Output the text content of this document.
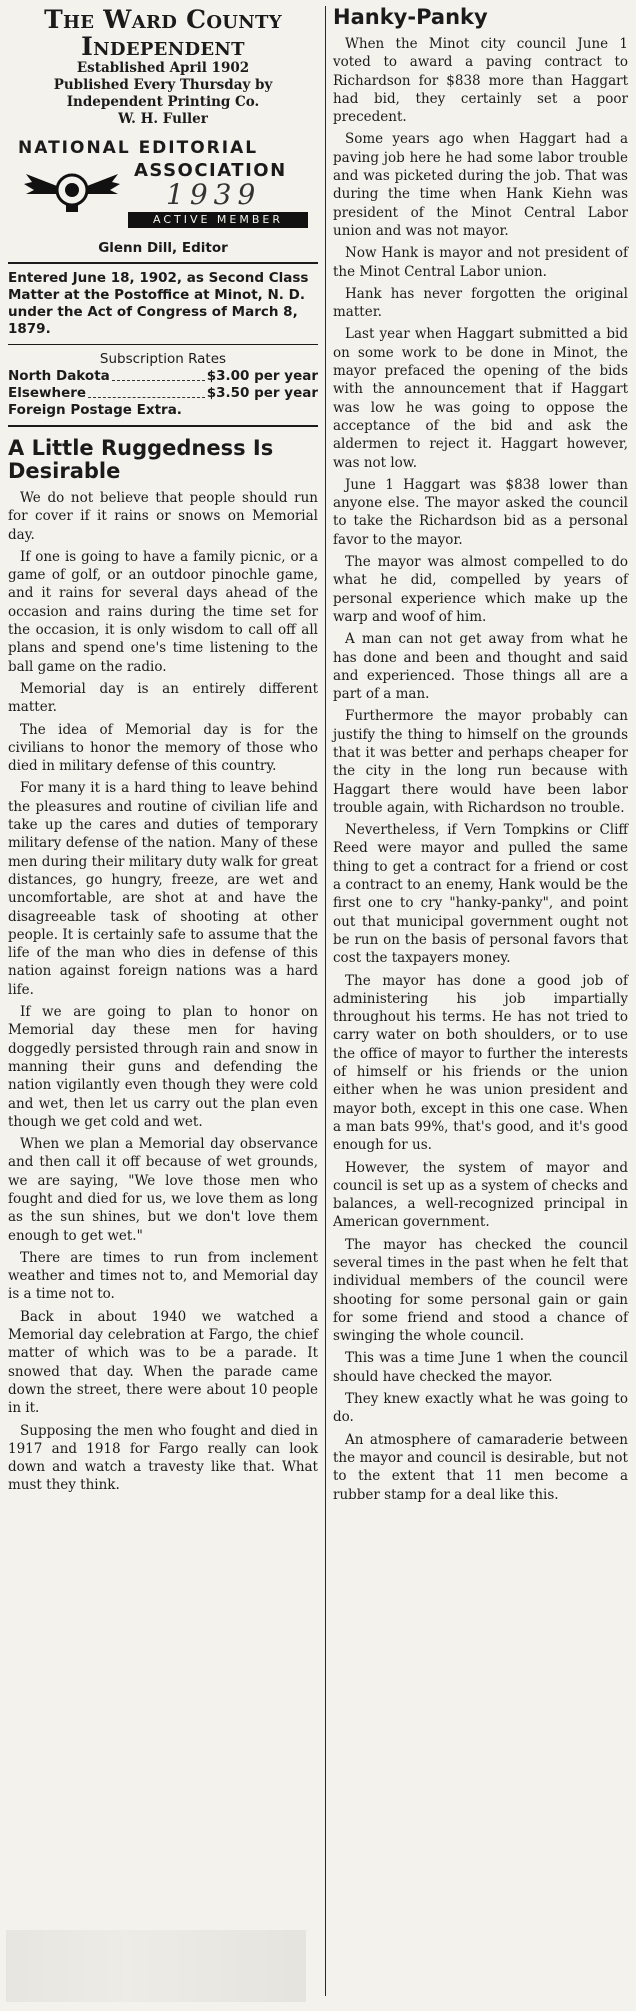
The Ward County
Independent
Established April 1902
Published Every Thursday by
Independent Printing Co.
W. H. Fuller
NATIONAL EDITORIAL
ASSOCIATION
1939
ACTIVE MEMBER
Glenn Dill, Editor
Entered June 18, 1902, as Second Class Matter at the Postoffice at Minot, N. D. under the Act of Congress of March 8, 1879.
Subscription Rates
North Dakota	$3.00 per year
Elsewhere	$3.50 per year
Foreign Postage Extra.
A Little Ruggedness Is Desirable

We do not believe that people should run for cover if it rains or snows on Memorial day.

If one is going to have a family picnic, or a game of golf, or an outdoor pinochle game, and it rains for several days ahead of the occasion and rains during the time set for the occasion, it is only wisdom to call off all plans and spend one's time listening to the ball game on the radio.

Memorial day is an entirely different matter.

The idea of Memorial day is for the civilians to honor the memory of those who died in military defense of this country.

For many it is a hard thing to leave behind the pleasures and routine of civilian life and take up the cares and duties of temporary military defense of the nation. Many of these men during their military duty walk for great distances, go hungry, freeze, are wet and uncomfortable, are shot at and have the disagreeable task of shooting at other people. It is certainly safe to assume that the life of the man who dies in defense of this nation against foreign nations was a hard life.

If we are going to plan to honor on Memorial day these men for having doggedly persisted through rain and snow in manning their guns and defending the nation vigilantly even though they were cold and wet, then let us carry out the plan even though we get cold and wet.

When we plan a Memorial day observance and then call it off because of wet grounds, we are saying, "We love those men who fought and died for us, we love them as long as the sun shines, but we don't love them enough to get wet."

There are times to run from inclement weather and times not to, and Memorial day is a time not to.

Back in about 1940 we watched a Memorial day celebration at Fargo, the chief matter of which was to be a parade. It snowed that day. When the parade came down the street, there were about 10 people in it.

Supposing the men who fought and died in 1917 and 1918 for Fargo really can look down and watch a travesty like that. What must they think.

Hanky-Panky

When the Minot city council June 1 voted to award a paving contract to Richardson for $838 more than Haggart had bid, they certainly set a poor precedent.

Some years ago when Haggart had a paving job here he had some labor trouble and was picketed during the job. That was during the time when Hank Kiehn was president of the Minot Central Labor union and was not mayor.

Now Hank is mayor and not president of the Minot Central Labor union.

Hank has never forgotten the original matter.

Last year when Haggart submitted a bid on some work to be done in Minot, the mayor prefaced the opening of the bids with the announcement that if Haggart was low he was going to oppose the acceptance of the bid and ask the aldermen to reject it. Haggart however, was not low.

June 1 Haggart was $838 lower than anyone else. The mayor asked the council to take the Richardson bid as a personal favor to the mayor.

The mayor was almost compelled to do what he did, compelled by years of personal experience which make up the warp and woof of him.

A man can not get away from what he has done and been and thought and said and experienced. Those things all are a part of a man.

Furthermore the mayor probably can justify the thing to himself on the grounds that it was better and perhaps cheaper for the city in the long run because with Haggart there would have been labor trouble again, with Richardson no trouble.

Nevertheless, if Vern Tompkins or Cliff Reed were mayor and pulled the same thing to get a contract for a friend or cost a contract to an enemy, Hank would be the first one to cry "hanky-panky", and point out that municipal government ought not be run on the basis of personal favors that cost the taxpayers money.

The mayor has done a good job of administering his job impartially throughout his terms. He has not tried to carry water on both shoulders, or to use the office of mayor to further the interests of himself or his friends or the union either when he was union president and mayor both, except in this one case. When a man bats 99%, that's good, and it's good enough for us.

However, the system of mayor and council is set up as a system of checks and balances, a well-recognized principal in American government.

The mayor has checked the council several times in the past when he felt that individual members of the council were shooting for some personal gain or gain for some friend and stood a chance of swinging the whole council.

This was a time June 1 when the council should have checked the mayor.

They knew exactly what he was going to do.

An atmosphere of camaraderie between the mayor and council is desirable, but not to the extent that 11 men become a rubber stamp for a deal like this.
